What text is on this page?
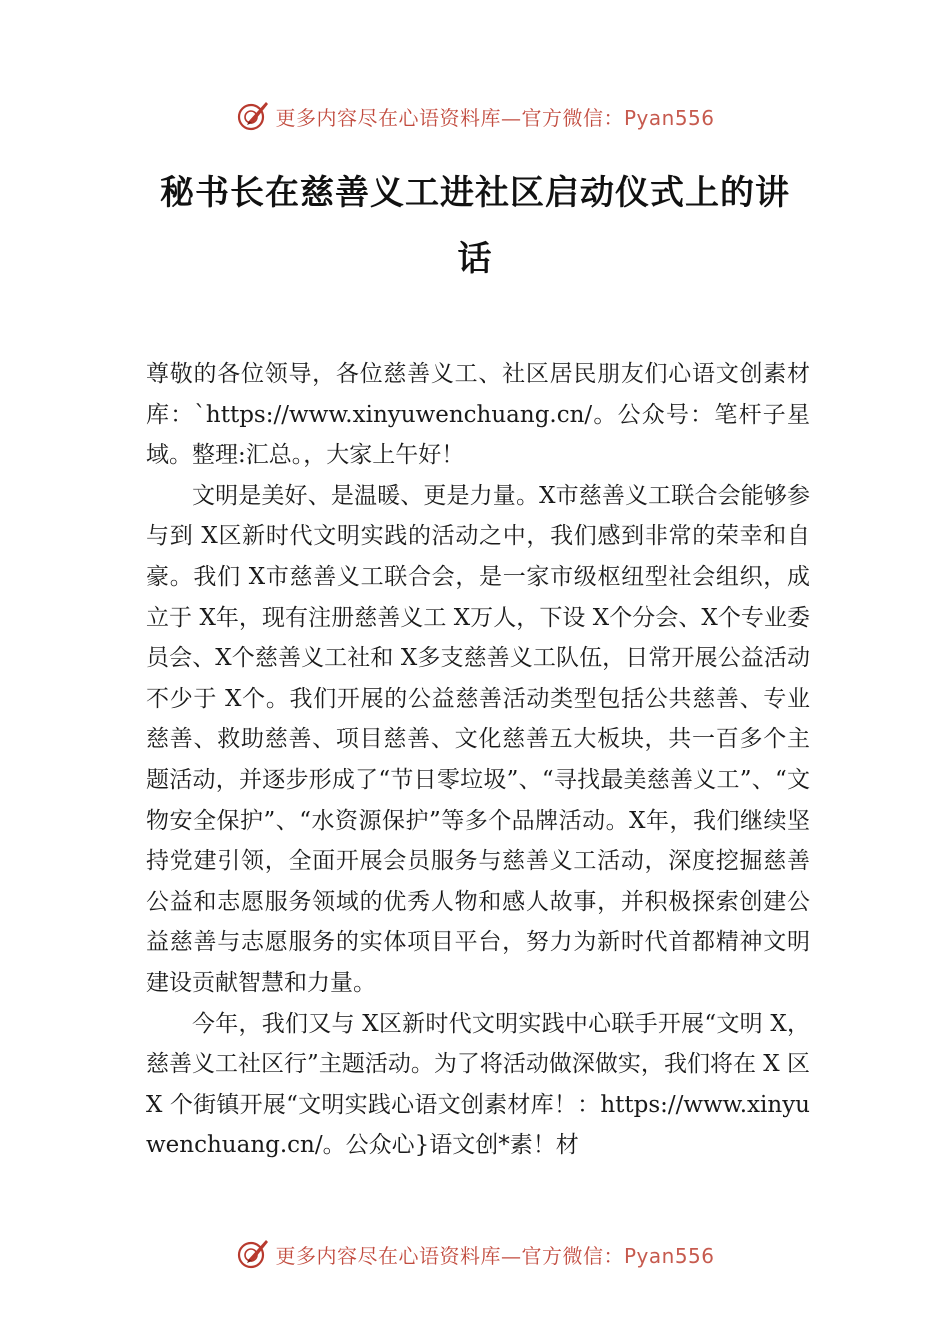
更多内容尽在心语资料库—官方微信：Pyan556
秘书长在慈善义工进社区启动仪式上的讲
话

尊敬的各位领导，各位慈善义工、社区居民朋友们心语文创素材库：`https://www.xinyuwenchuang.cn/。公众号：笔杆子星域。整理:汇总。，大家上午好！

文明是美好、是温暖、更是力量。X市慈善义工联合会能够参与到 X区新时代文明实践的活动之中，我们感到非常的荣幸和自豪。我们 X市慈善义工联合会，是一家市级枢纽型社会组织，成立于 X年，现有注册慈善义工 X万人，下设 X个分会、X个专业委员会、X个慈善义工社和 X多支慈善义工队伍，日常开展公益活动不少于 X个。我们开展的公益慈善活动类型包括公共慈善、专业慈善、救助慈善、项目慈善、文化慈善五大板块，共一百多个主题活动，并逐步形成了“节日零垃圾”、“寻找最美慈善义工”、“文物安全保护”、“水资源保护”等多个品牌活动。X年，我们继续坚持党建引领，全面开展会员服务与慈善义工活动，深度挖掘慈善公益和志愿服务领域的优秀人物和感人故事，并积极探索创建公益慈善与志愿服务的实体项目平台，努力为新时代首都精神文明建设贡献智慧和力量。

今年，我们又与 X区新时代文明实践中心联手开展“文明 X，慈善义工社区行”主题活动。为了将活动做深做实，我们将在 X 区 X 个街镇开展“文明实践心语文创素材库！：https://www.xinyuwenchuang.cn/。公众心}语文创*素！材

更多内容尽在心语资料库—官方微信：Pyan556
